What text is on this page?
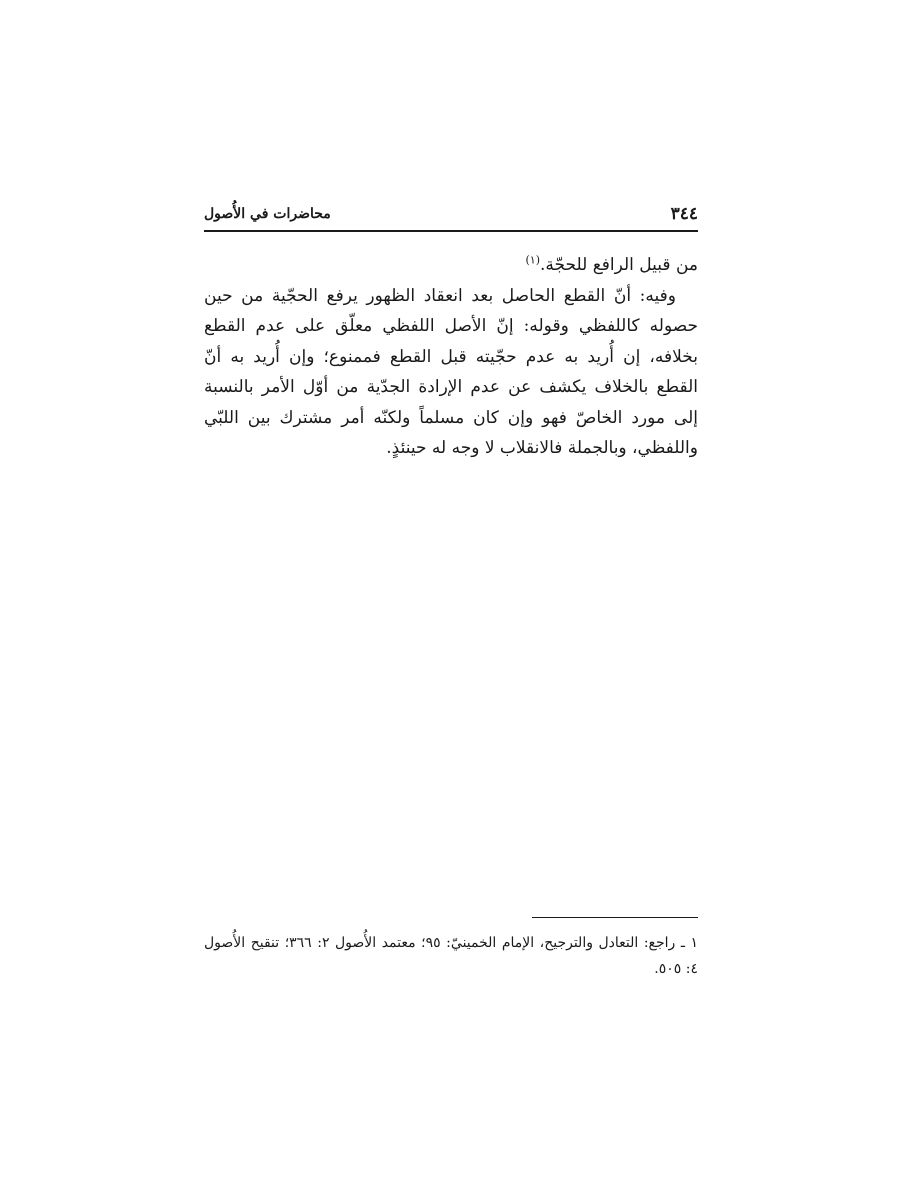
٣٤٤
محاضرات في الأُصول

من قبيل الرافع للحجّة.$^{(١)}$

وفيه: أنّ القطع الحاصل بعد انعقاد الظهور يرفع الحجّية من حين حصوله كاللفظي وقوله: إنّ الأصل اللفظي معلّق على عدم القطع بخلافه، إن أُريد به عدم حجّيته قبل القطع فممنوع؛ وإن أُريد به أنّ القطع بالخلاف يكشف عن عدم الإرادة الجدّية من أوّل الأمر بالنسبة إلى مورد الخاصّ فهو وإن كان مسلماً ولكنّه أمر مشترك بين اللبّي واللفظي، وبالجملة فالانقلاب لا وجه له حينئذٍ.

١ ـ راجع: التعادل والترجيح، الإمام الخمينيّ: ٩٥؛ معتمد الأُصول ٢: ٣٦٦؛ تنقيح الأُصول ٤: ٥٠٥.
